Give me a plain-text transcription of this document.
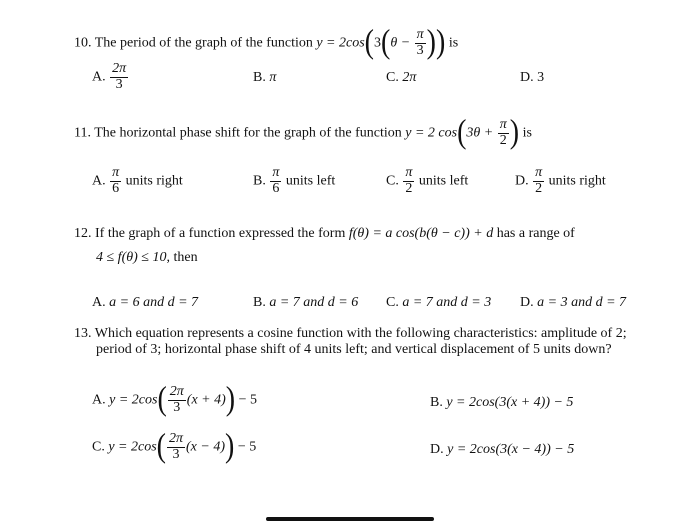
10. The period of the graph of the function $y = 2\cos(3(\theta - \frac{\pi}{3}$ )) is
A. $\frac{2\pi}{3}$	B. π	C. 2π	D. 3
11. The horizontal phase shift for the graph of the function y = 2 $\cos(3\theta + \frac{\pi}{2}$ ) is
A. $\frac{\pi}{6}$ units right	B. $\frac{\pi}{6}$ units left	C. $\frac{\pi}{2}$ units left	D. $\frac{\pi}{2}$ units right
12. If the graph of a function expressed the form f(θ) = a cos(b(θ − c)) + d has a range of
4 ≤ f(θ) ≤ 10, then
A. a = 6 and d = 7	B. a = 7 and d = 6 C. a = 7 and d = 3 D. a = 3 and d = 7
13. Which equation represents a cosine function with the following characteristics: amplitude of 2;
period of 3; horizontal phase shift of 4 units left; and vertical displacement of 5 units down?
A. $y = 2\cos( \frac{2\pi}{3} (x + 4)) - 5$	B. y = 2cos(3(x + 4)) − 5
C. $y = 2\cos( \frac{2\pi}{3} (x - 4)) - 5$	D. y = 2cos(3(x − 4)) − 5
